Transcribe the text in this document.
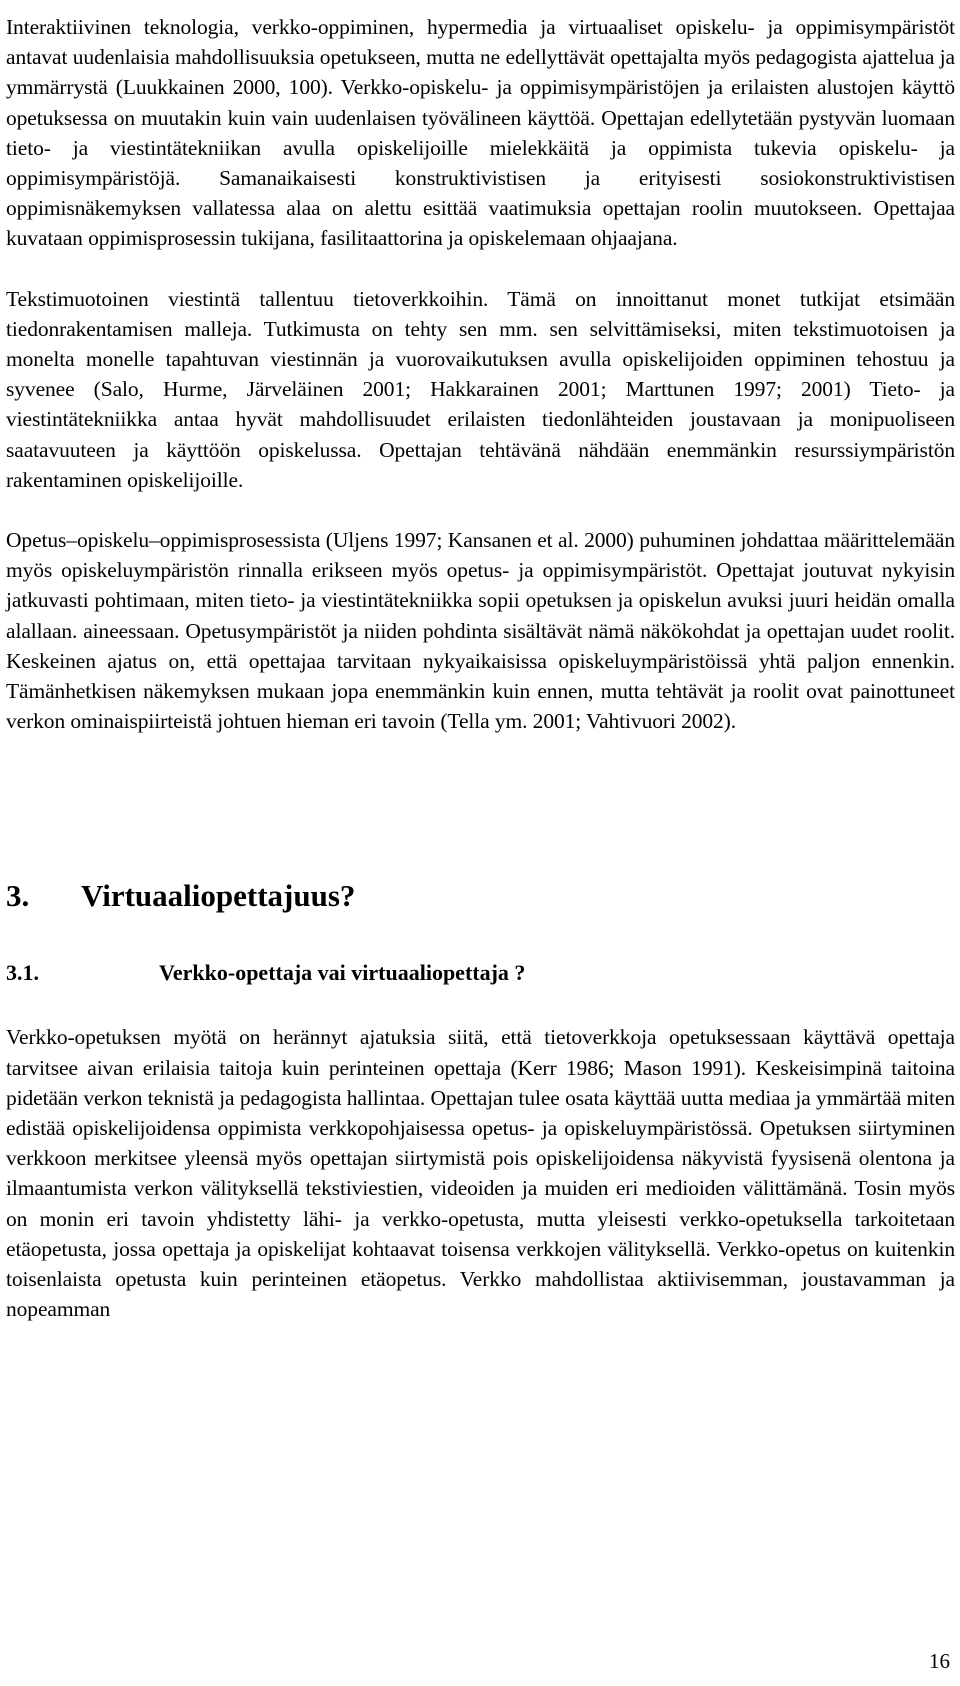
Interaktiivinen teknologia, verkko-oppiminen, hypermedia ja virtuaaliset opiskelu- ja oppimisympäristöt antavat uudenlaisia mahdollisuuksia opetukseen, mutta ne edellyttävät opettajalta myös pedagogista ajattelua ja ymmärrystä (Luukkainen 2000, 100). Verkko-opiskelu- ja oppimisympäristöjen ja erilaisten alustojen käyttö opetuksessa on muutakin kuin vain uudenlaisen työvälineen käyttöä. Opettajan edellytetään pystyvän luomaan tieto- ja viestintätekniikan avulla opiskelijoille mielekkäitä ja oppimista tukevia opiskelu- ja oppimisympäristöjä. Samanaikaisesti konstruktivistisen ja erityisesti sosiokonstruktivistisen oppimisnäkemyksen vallatessa alaa on alettu esittää vaatimuksia opettajan roolin muutokseen. Opettajaa kuvataan oppimisprosessin tukijana, fasilitaattorina ja opiskelemaan ohjaajana.

Tekstimuotoinen viestintä tallentuu tietoverkkoihin. Tämä on innoittanut monet tutkijat etsimään tiedonrakentamisen malleja. Tutkimusta on tehty sen mm. sen selvittämiseksi, miten tekstimuotoisen ja monelta monelle tapahtuvan viestinnän ja vuorovaikutuksen avulla opiskelijoiden oppiminen tehostuu ja syvenee (Salo, Hurme, Järveläinen 2001; Hakkarainen 2001; Marttunen 1997; 2001) Tieto- ja viestintätekniikka antaa hyvät mahdollisuudet erilaisten tiedonlähteiden joustavaan ja monipuoliseen saatavuuteen ja käyttöön opiskelussa. Opettajan tehtävänä nähdään enemmänkin resurssiympäristön rakentaminen opiskelijoille.

Opetus–opiskelu–oppimisprosessista (Uljens 1997; Kansanen et al. 2000) puhuminen johdattaa määrittelemään myös opiskeluympäristön rinnalla erikseen myös opetus- ja oppimisympäristöt. Opettajat joutuvat nykyisin jatkuvasti pohtimaan, miten tieto- ja viestintätekniikka sopii opetuksen ja opiskelun avuksi juuri heidän omalla alallaan. aineessaan. Opetusympäristöt ja niiden pohdinta sisältävät nämä näkökohdat ja opettajan uudet roolit. Keskeinen ajatus on, että opettajaa tarvitaan nykyaikaisissa opiskeluympäristöissä yhtä paljon ennenkin. Tämänhetkisen näkemyksen mukaan jopa enemmänkin kuin ennen, mutta tehtävät ja roolit ovat painottuneet verkon ominaispiirteistä johtuen hieman eri tavoin (Tella ym. 2001; Vahtivuori 2002).

3.	Virtuaaliopettajuus?
3.1.	Verkko-opettaja vai virtuaaliopettaja ?

Verkko-opetuksen myötä on herännyt ajatuksia siitä, että tietoverkkoja opetuksessaan käyttävä opettaja tarvitsee aivan erilaisia taitoja kuin perinteinen opettaja (Kerr 1986; Mason 1991). Keskeisimpinä taitoina pidetään verkon teknistä ja pedagogista hallintaa. Opettajan tulee osata käyttää uutta mediaa ja ymmärtää miten edistää opiskelijoidensa oppimista verkkopohjaisessa opetus- ja opiskeluympäristössä. Opetuksen siirtyminen verkkoon merkitsee yleensä myös opettajan siirtymistä pois opiskelijoidensa näkyvistä fyysisenä olentona ja ilmaantumista verkon välityksellä tekstiviestien, videoiden ja muiden eri medioiden välittämänä. Tosin myös on monin eri tavoin yhdistetty lähi- ja verkko-opetusta, mutta yleisesti verkko-opetuksella tarkoitetaan etäopetusta, jossa opettaja ja opiskelijat kohtaavat toisensa verkkojen välityksellä. Verkko-opetus on kuitenkin toisenlaista opetusta kuin perinteinen etäopetus. Verkko mahdollistaa aktiivisemman, joustavamman ja nopeamman

16
